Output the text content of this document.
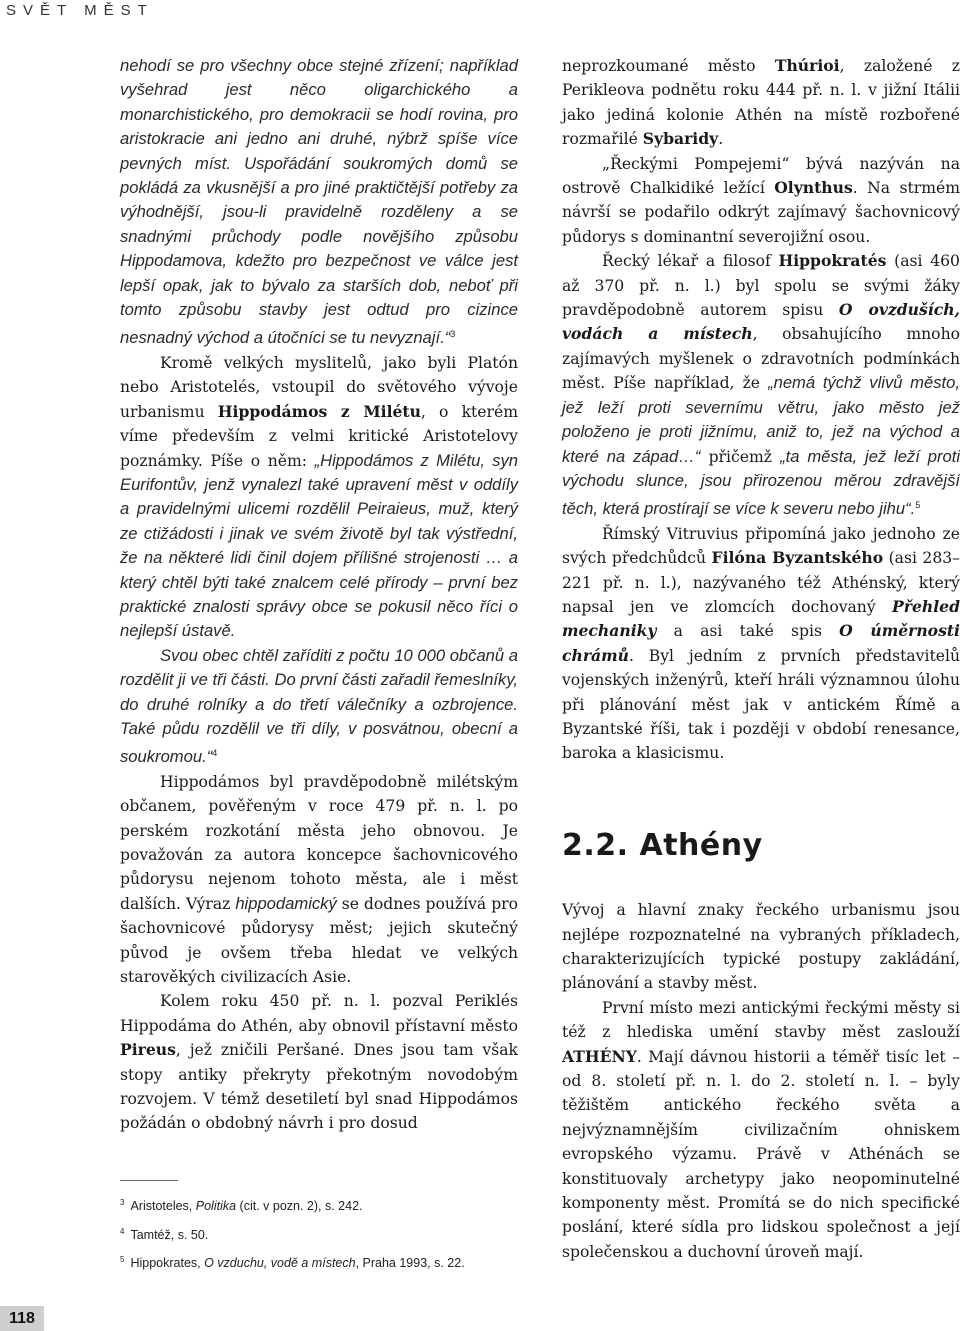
SVĚT MĚST

nehodí se pro všechny obce stejné zřízení; například vyšehrad jest něco oligarchického a monarchistického, pro demokracii se hodí rovina, pro aristokracie ani jedno ani druhé, nýbrž spíše více pevných míst. Uspořádání soukromých domů se pokládá za vkusnější a pro jiné praktičtější potřeby za výhodnější, jsou-li pravidelně rozděleny a se snadnými průchody podle novějšího způsobu Hippodamova, kdežto pro bezpečnost ve válce jest lepší opak, jak to bývalo za starších dob, neboť při tomto způsobu stavby jest odtud pro cizince nesnadný východ a útočníci se tu nevyznají.“$^3$

Kromě velkých myslitelů, jako byli Platón nebo Aristotelés, vstoupil do světového vývoje urbanismu Hippodámos z Milétu, o kterém víme především z velmi kritické Aristotelovy poznámky. Píše o něm: „Hippodámos z Milétu, syn Eurifontův, jenž vynalezl také upravení měst v oddíly a pravidelnými ulicemi rozdělil Peiraieus, muž, který ze ctižádosti i jinak ve svém životě byl tak výstřední, že na některé lidi činil dojem přílišné strojenosti … a který chtěl býti také znalcem celé přírody – první bez praktické znalosti správy obce se pokusil něco říci o nejlepší ústavě.

Svou obec chtěl zaříditi z počtu 10 000 občanů a rozdělit ji ve tři části. Do první části zařadil řemeslníky, do druhé rolníky a do třetí válečníky a ozbrojence. Také půdu rozdělil ve tři díly, v posvátnou, obecní a soukromou.“$^4$

Hippodámos byl pravděpodobně milétským občanem, pověřeným v roce 479 př. n. l. po perském rozkotání města jeho obnovou. Je považován za autora koncepce šachovnicového půdorysu nejenom tohoto města, ale i měst dalších. Výraz hippodamický se dodnes používá pro šachovnicové půdorysy měst; jejich skutečný původ je ovšem třeba hledat ve velkých starověkých civilizacích Asie.

Kolem roku 450 př. n. l. pozval Periklés Hippodáma do Athén, aby obnovil přístavní město Pireus, jež zničili Peršané. Dnes jsou tam však stopy antiky překryty překotným novodobým rozvojem. V témž desetiletí byl snad Hippodámos požádán o obdobný návrh i pro dosud

neprozkoumané město Thúrioi, založené z Perikleova podnětu roku 444 př. n. l. v jižní Itálii jako jediná kolonie Athén na místě rozbořené rozmařilé Sybaridy.

„Řeckými Pompejemi“ bývá nazýván na ostrově Chalkidiké ležící Olynthus. Na strmém návrší se podařilo odkrýt zajímavý šachovnicový půdorys s dominantní severojižní osou.

Řecký lékař a filosof Hippokratés (asi 460 až 370 př. n. l.) byl spolu se svými žáky pravděpodobně autorem spisu O ovzduších, vodách a místech, obsahujícího mnoho zajímavých myšlenek o zdravotních podmínkách měst. Píše například, že „nemá týchž vlivů město, jež leží proti severnímu větru, jako město jež položeno je proti jižnímu, aniž to, jež na východ a které na západ…“ přičemž „ta města, jež leží proti východu slunce, jsou přirozenou měrou zdravější těch, která prostírají se více k severu nebo jihu“.$^5$

Římský Vitruvius připomíná jako jednoho ze svých předchůdců Filóna Byzantského (asi 283–221 př. n. l.), nazývaného též Athénský, který napsal jen ve zlomcích dochovaný Přehled mechaniky a asi také spis O úměrnosti chrámů. Byl jedním z prvních představitelů vojenských inženýrů, kteří hráli významnou úlohu při plánování měst jak v antickém Římě a Byzantské říši, tak i později v období renesance, baroka a klasicismu.

2.2. Athény

Vývoj a hlavní znaky řeckého urbanismu jsou nejlépe rozpoznatelné na vybraných příkladech, charakterizujících typické postupy zakládání, plánování a stavby měst.

První místo mezi antickými řeckými městy si též z hlediska umění stavby měst zaslouží ATHÉNY. Mají dávnou historii a téměř tisíc let – od 8. století př. n. l. do 2. století n. l. – byly těžištěm antického řeckého světa a nejvýznamnějším civilizačním ohniskem evropského výzamu. Právě v Athénách se konstituovaly archetypy jako neopominutelné komponenty měst. Promítá se do nich specifické poslání, které sídla pro lidskou společnost a její společenskou a duchovní úroveň mají.

$^3$ Aristoteles, Politika (cit. v pozn. 2), s. 242.
$^4$ Tamtéž, s. 50.
$^5$ Hippokrates, O vzduchu, vodě a místech, Praha 1993, s. 22.
118
